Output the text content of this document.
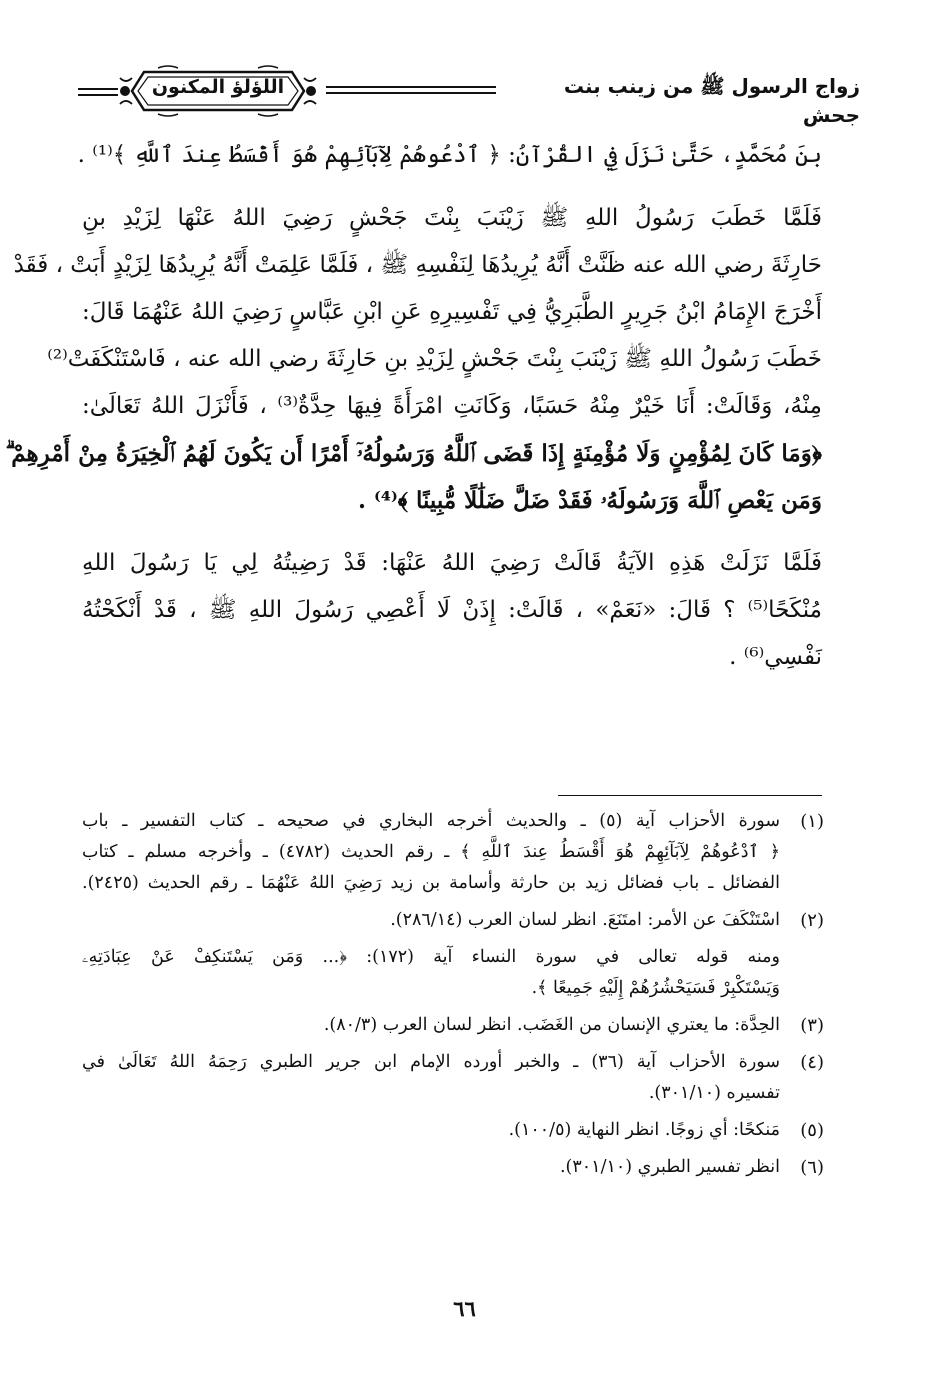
اللؤلؤ المكنون	زواج الرسول ﷺ من زينب بنت جحش
بنَ مُحَمَّدٍ، حَتَّىٰ نَزَلَ فِي القُرْآنُ: ﴿ ٱدْعُوهُمْ لِآبَآئِهِمْ هُوَ أَقْسَطُ عِندَ ٱللَّهِ ﴾⁽¹⁾ .
فَلَمَّا خَطَبَ رَسُولُ اللهِ ﷺ زَيْنَبَ بِنْتَ جَحْشٍ رَضِيَ اللهُ عَنْهَا لِزَيْدِ بنِ
حَارِثَةَ رضي الله عنه ظَنَّتْ أَنَّهُ يُرِيدُهَا لِنَفْسِهِ ﷺ ، فَلَمَّا عَلِمَتْ أَنَّهُ يُرِيدُهَا لِزَيْدٍ أَبَتْ ، فَقَدْ
أَخْرَجَ الإِمَامُ ابْنُ جَرِيرٍ الطَّبَرِيُّ فِي تَفْسِيرِهِ عَنِ ابْنِ عَبَّاسٍ رَضِيَ اللهُ عَنْهُمَا قَالَ:
خَطَبَ رَسُولُ اللهِ ﷺ زَيْنَبَ بِنْتَ جَحْشٍ لِزَيْدِ بنِ حَارِثَةَ رضي الله عنه ، فَاسْتَنْكَفَتْ⁽²⁾
مِنْهُ، وَقَالَتْ: أَنَا خَيْرٌ مِنْهُ حَسَبًا، وَكَانَتِ امْرَأَةً فِيهَا حِدَّةٌ⁽³⁾ ، فَأَنْزَلَ اللهُ تَعَالَىٰ:
﴿وَمَا كَانَ لِمُؤْمِنٍ وَلَا مُؤْمِنَةٍ إِذَا قَضَى ٱللَّهُ وَرَسُولُهُۥٓ أَمْرًا أَن يَكُونَ لَهُمُ ٱلْخِيَرَةُ مِنْ أَمْرِهِمْ ۗ
وَمَن يَعْصِ ٱللَّهَ وَرَسُولَهُۥ فَقَدْ ضَلَّ ضَلَٰلًا مُّبِينًا ﴾⁽⁴⁾ .
فَلَمَّا نَزَلَتْ هَذِهِ الآيَةُ قَالَتْ رَضِيَ اللهُ عَنْهَا: قَدْ رَضِيتُهُ لِي يَا رَسُولَ اللهِ
مُنْكَحًا⁽⁵⁾ ؟ قَالَ: «نَعَمْ» ، قَالَتْ: إِذَنْ لَا أَعْصِي رَسُولَ اللهِ ﷺ ، قَدْ أَنْكَحْتُهُ
نَفْسِي⁽⁶⁾ .
(١)
سورة الأحزاب آية (٥) ـ والحديث أخرجه البخاري في صحيحه ـ كتاب التفسير ـ باب
﴿ ٱدْعُوهُمْ لِآبَآئِهِمْ هُوَ أَقْسَطُ عِندَ ٱللَّهِ ﴾ ـ رقم الحديث (٤٧٨٢) ـ وأخرجه مسلم ـ كتاب
الفضائل ـ باب فضائل زيد بن حارثة وأسامة بن زيد رَضِيَ اللهُ عَنْهُمَا ـ رقم الحديث (٢٤٢٥).
(٢)
اسْتَنْكَفَ عن الأمر: امتَنَعَ. انظر لسان العرب (٢٨٦/١٤).
ومنه قوله تعالى في سورة النساء آية (١٧٢): ﴿... وَمَن يَسْتَنكِفْ عَنْ عِبَادَتِهِۦ
وَيَسْتَكْبِرْ فَسَيَحْشُرُهُمْ إِلَيْهِ جَمِيعًا ﴾.
(٣)
الحِدَّة: ما يعتري الإنسان من الغَضَب. انظر لسان العرب (٨٠/٣).
(٤)
سورة الأحزاب آية (٣٦) ـ والخبر أورده الإمام ابن جرير الطبري رَحِمَهُ اللهُ تَعَالَىٰ في
تفسيره (٣٠١/١٠).
(٥)
مَنكحًا: أي زوجًا. انظر النهاية (١٠٠/٥).
(٦)
انظر تفسير الطبري (٣٠١/١٠).
٦٦
